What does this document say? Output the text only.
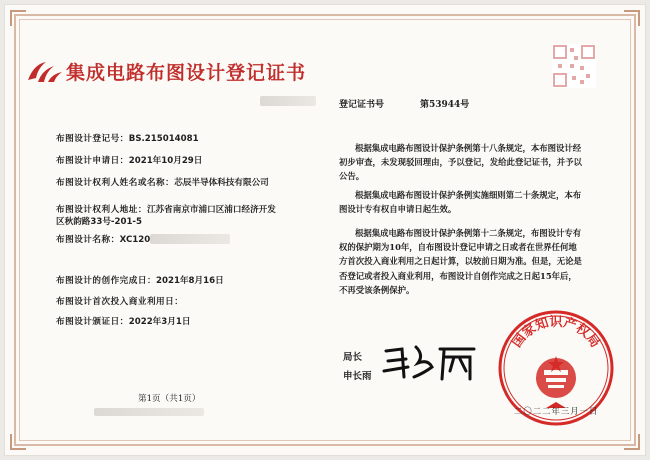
集成电路布图设计登记证书
登记证书号	第53944号
布图设计登记号：BS.215014081
布图设计申请日：2021年10月29日
布图设计权利人姓名或名称：芯辰半导体科技有限公司
布图设计权利人地址：江苏省南京市浦口区浦口经济开发区秋韵路33号-201-5
布图设计名称：XC120
布图设计的创作完成日：2021年8月16日
布图设计首次投入商业利用日：
布图设计颁证日：2022年3月1日
根据集成电路布图设计保护条例第十八条规定，本布图设计经初步审查，未发现驳回理由，予以登记，发给此登记证书，并予以公告。
根据集成电路布图设计保护条例实施细则第二十条规定，本布图设计专有权自申请日起生效。
根据集成电路布图设计保护条例第十二条规定，布图设计专有权的保护期为10年，自布图设计登记申请之日或者在世界任何地方首次投入商业利用之日起计算，以较前日期为准。但是，无论是否登记或者投入商业利用，布图设计自创作完成之日起15年后，不再受该条例保护。
第1页（共1页）
局长
申长雨
国家知识产权局
二〇二二年三月一日
